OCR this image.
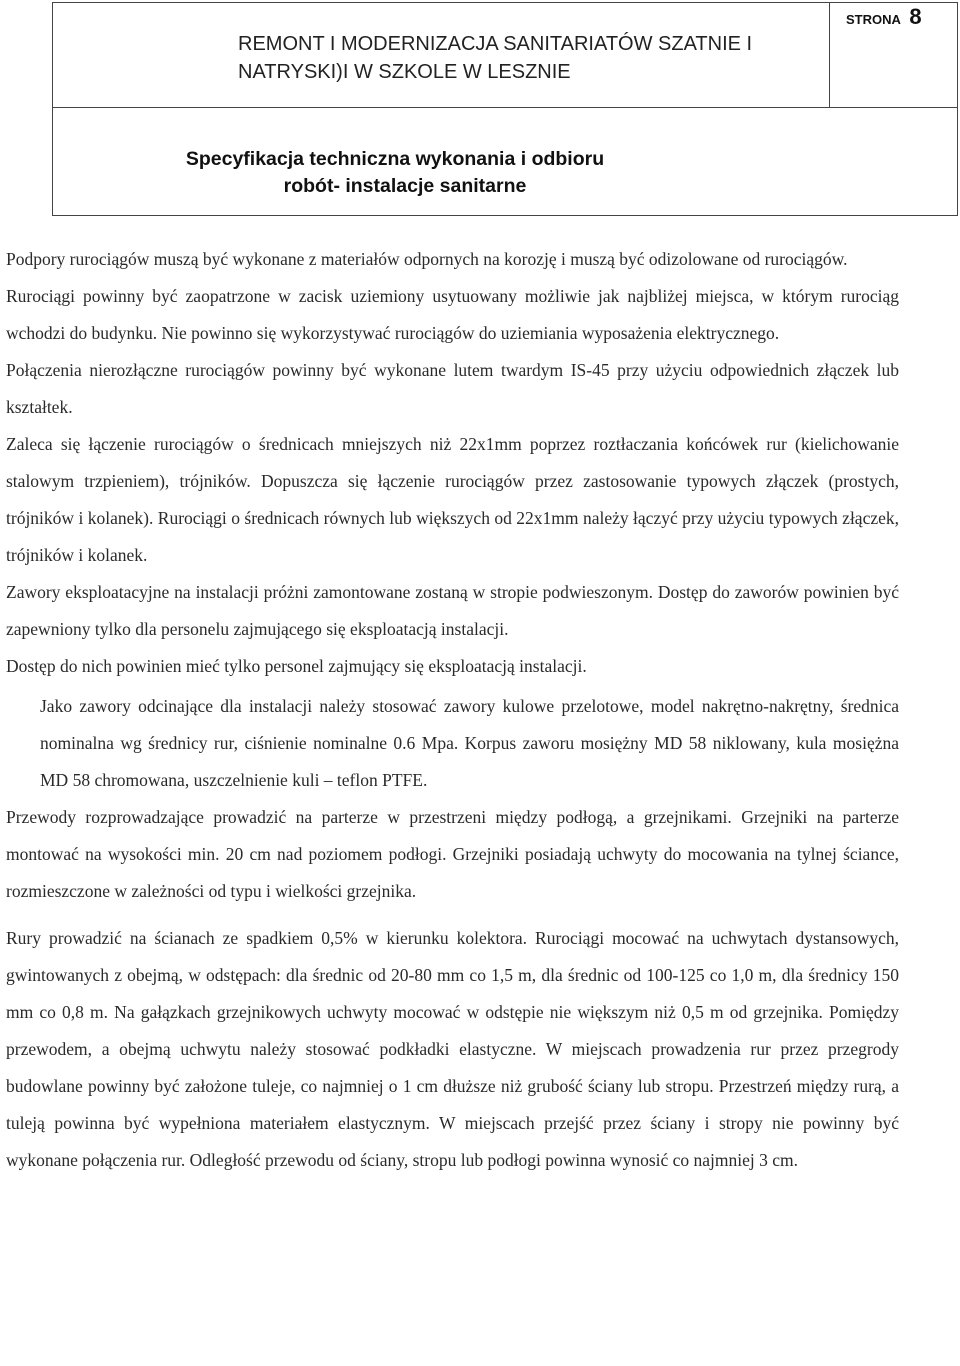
REMONT I MODERNIZACJA SANITARIATÓW SZATNIE I
NATRYSKI)I W SZKOLE W LESZNIE
STRONA 8
Specyfikacja techniczna wykonania i odbioru
robót- instalacje sanitarne

Podpory rurociągów muszą być wykonane z materiałów odpornych na korozję i muszą być odizolowane od rurociągów.

Rurociągi powinny być zaopatrzone w zacisk uziemiony usytuowany możliwie jak najbliżej miejsca, w którym rurociąg wchodzi do budynku. Nie powinno się wykorzystywać rurociągów do uziemiania wyposażenia elektrycznego.

Połączenia nierozłączne rurociągów powinny być wykonane lutem twardym IS-45 przy użyciu odpowiednich złączek lub kształtek.

Zaleca się łączenie rurociągów o średnicach mniejszych niż 22x1mm poprzez roztłaczania końcówek rur (kielichowanie stalowym trzpieniem), trójników. Dopuszcza się łączenie rurociągów przez zastosowanie typowych złączek (prostych, trójników i kolanek). Rurociągi o średnicach równych lub większych od 22x1mm należy łączyć przy użyciu typowych złączek, trójników i kolanek.

Zawory eksploatacyjne na instalacji próżni zamontowane zostaną w stropie podwieszonym. Dostęp do zaworów powinien być zapewniony tylko dla personelu zajmującego się eksploatacją instalacji.

Dostęp do nich powinien mieć tylko personel zajmujący się eksploatacją instalacji.

Jako zawory odcinające dla instalacji należy stosować zawory kulowe przelotowe, model nakrętno-nakrętny, średnica nominalna wg średnicy rur, ciśnienie nominalne 0.6 Mpa. Korpus zaworu mosiężny MD 58 niklowany, kula mosiężna MD 58 chromowana, uszczelnienie kuli – teflon PTFE.

Przewody rozprowadzające prowadzić na parterze w przestrzeni między podłogą, a grzejnikami. Grzejniki na parterze montować na wysokości min. 20 cm nad poziomem podłogi. Grzejniki posiadają uchwyty do mocowania na tylnej ściance, rozmieszczone w zależności od typu i wielkości grzejnika.

Rury prowadzić na ścianach ze spadkiem 0,5% w kierunku kolektora. Rurociągi mocować na uchwytach dystansowych, gwintowanych z obejmą, w odstępach: dla średnic od 20-80 mm co 1,5 m, dla średnic od 100-125 co 1,0 m, dla średnicy 150 mm co 0,8 m. Na gałązkach grzejnikowych uchwyty mocować w odstępie nie większym niż 0,5 m od grzejnika. Pomiędzy przewodem, a obejmą uchwytu należy stosować podkładki elastyczne. W miejscach prowadzenia rur przez przegrody budowlane powinny być założone tuleje, co najmniej o 1 cm dłuższe niż grubość ściany lub stropu. Przestrzeń między rurą, a tuleją powinna być wypełniona materiałem elastycznym. W miejscach przejść przez ściany i stropy nie powinny być wykonane połączenia rur. Odległość przewodu od ściany, stropu lub podłogi powinna wynosić co najmniej 3 cm.
